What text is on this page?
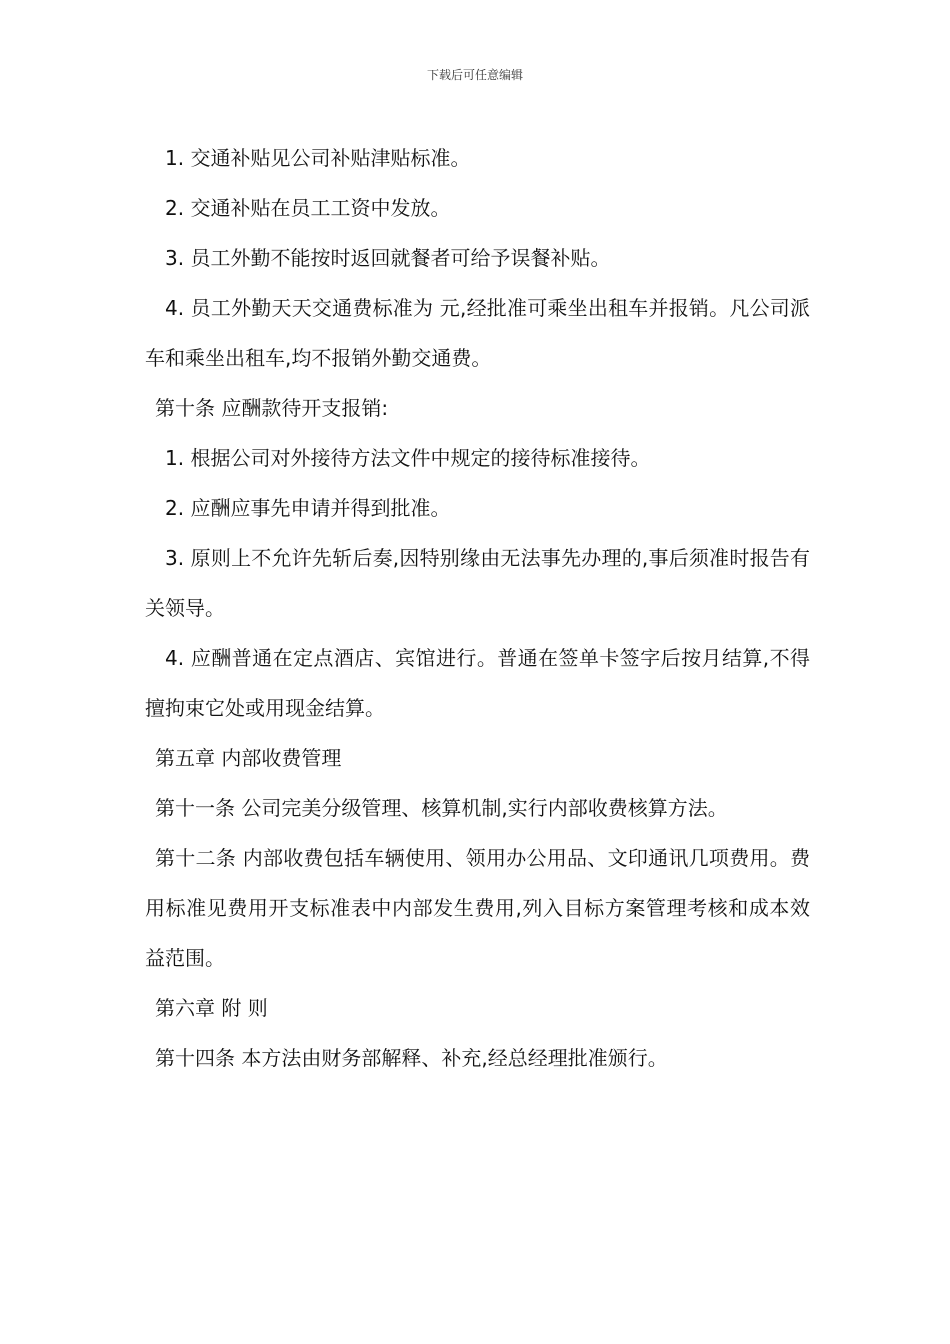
下载后可任意编辑

1. 交通补贴见公司补贴津贴标准。

2. 交通补贴在员工工资中发放。

3. 员工外勤不能按时返回就餐者可给予误餐补贴。

4. 员工外勤天天交通费标准为 元,经批准可乘坐出租车并报销。凡公司派车和乘坐出租车,均不报销外勤交通费。

第十条 应酬款待开支报销:

1. 根据公司对外接待方法文件中规定的接待标准接待。

2. 应酬应事先申请并得到批准。

3. 原则上不允许先斩后奏,因特别缘由无法事先办理的,事后须准时报告有关领导。

4. 应酬普通在定点酒店、宾馆进行。普通在签单卡签字后按月结算,不得擅拘束它处或用现金结算。

第五章 内部收费管理

第十一条 公司完美分级管理、核算机制,实行内部收费核算方法。

第十二条 内部收费包括车辆使用、领用办公用品、文印通讯几项费用。费用标准见费用开支标准表中内部发生费用,列入目标方案管理考核和成本效益范围。

第六章 附 则

第十四条 本方法由财务部解释、补充,经总经理批准颁行。
